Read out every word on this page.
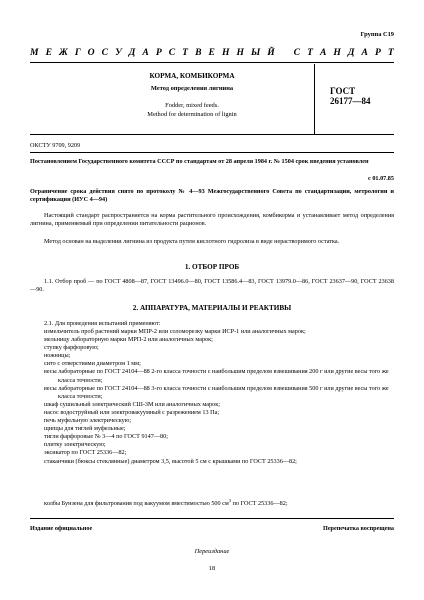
Группа С19
М Е Ж Г О С У Д А Р С Т В Е Н Н Ы Й
С Т А Н Д А Р Т
КОРМА, КОМБИКОРМА
Метод определения лигнина
Fodder, mixed feeds.
Method for determination of lignin
ГОСТ
26177—84
ОКСТУ 9709, 9209
Постановлением Государственного комитета СССР по стандартам от 28 апреля 1984 г. № 1504 срок введения установлен
с 01.07.85
Ограничение срока действия снято по протоколу № 4—93 Межгосударственного Совета по стандартизации, метрологии и сертификации (ИУС 4—94)
Настоящий стандарт распространяется на корма растительного происхождения, комбикорма и устанавливает метод определения лигнина, применяемый при определении питательности рационов.
Метод основан на выделении лигнина из продукта путем кислотного гидролиза в виде нерастворимого остатка.
1. ОТБОР ПРОБ
1.1. Отбор проб — по ГОСТ 4808—87, ГОСТ 13496.0—80, ГОСТ 13586.4—83, ГОСТ 13979.0—86, ГОСТ 23637—90, ГОСТ 23638—90.
2. АППАРАТУРА, МАТЕРИАЛЫ И РЕАКТИВЫ
2.1. Для проведения испытаний применяют:
измельчитель проб растений марки МПР-2 или соломорезку марки ИСР-1 или аналогичных марок;
мельницу лабораторную марки МРП-2 или аналогичных марок;
ступку фарфоровую;
ножницы;
сито с отверстиями диаметром 1 мм;
весы лабораторные по ГОСТ 24104—88 2-го класса точности с наибольшим пределом взвешивания 200 г или другие весы того же класса точности;
весы лабораторные по ГОСТ 24104—88 3-го класса точности с наибольшим пределом взвешивания 500 г или другие весы того же класса точности;
шкаф сушильный электрический СШ-3М или аналогичных марок;
насос водоструйный или электровакуумный с разрежением 13 Па;
печь муфельную электрическую;
щипцы для тиглей муфельные;
тигли фарфоровые № 3—4 по ГОСТ 9147—80;
плитку электрическую;
эксикатор по ГОСТ 25336—82;
стаканчики (бюксы стеклянные) диаметром 3,5, высотой 5 см с крышками по ГОСТ 25336—82;
колбы Бунзена для фильтрования под вакуумом вместимостью 500 $см^3$ по ГОСТ 25336—82;
Издание официальное	Перепечатка воспрещена
Переиздание
18
